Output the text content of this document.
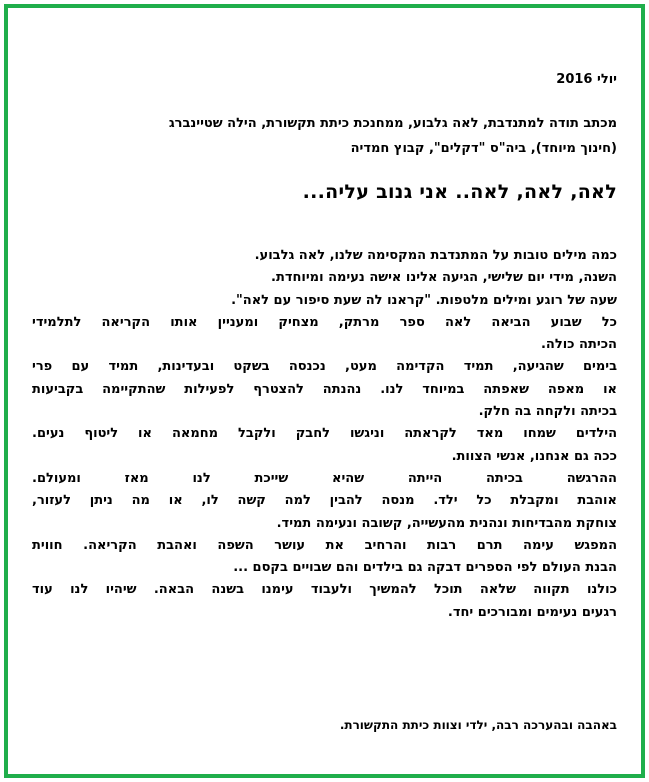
יולי 2016
מכתב תודה למתנדבת, לאה גלבוע, ממחנכת כיתת תקשורת, הילה שטיינברג
(חינוך מיוחד), ביה"ס "דקלים", קבוץ חמדיה
לאה, לאה, לאה.. אני גנוב עליה...
כמה מילים טובות על המתנדבת המקסימה שלנו, לאה גלבוע.
השנה, מידי יום שלישי, הגיעה אלינו אישה נעימה ומיוחדת.
שעה של רוגע ומילים מלטפות. "קראנו לה שעת סיפור עם לאה".
כל שבוע הביאה לאה ספר מרתק, מצחיק ומעניין אותו הקריאה לתלמידי
הכיתה כולה.
בימים שהגיעה, תמיד הקדימה מעט, נכנסה בשקט ובעדינות, תמיד עם פרי
או מאפה שאפתה במיוחד לנו. נהנתה להצטרף לפעילות שהתקיימה בקביעות
בכיתה ולקחה בה חלק.
הילדים שמחו מאד לקראתה וניגשו לחבק ולקבל מחמאה או ליטוף נעים.
ככה גם אנחנו, אנשי הצוות.
ההרגשה בכיתה הייתה שהיא שייכת לנו מאז ומעולם.
אוהבת ומקבלת כל ילד. מנסה להבין למה קשה לו, או מה ניתן לעזור,
צוחקת מהבדיחות ונהנית מהעשייה, קשובה ונעימה תמיד.
המפגש עימה תרם רבות והרחיב את עושר השפה ואהבת הקריאה. חווית
הבנת העולם לפי הספרים דבקה גם בילדים והם שבויים בקסם ...
כולנו תקווה שלאה תוכל להמשיך ולעבוד עימנו בשנה הבאה. שיהיו לנו עוד
רגעים נעימים ומבורכים יחד.
באהבה ובהערכה רבה, ילדי וצוות כיתת התקשורת.
